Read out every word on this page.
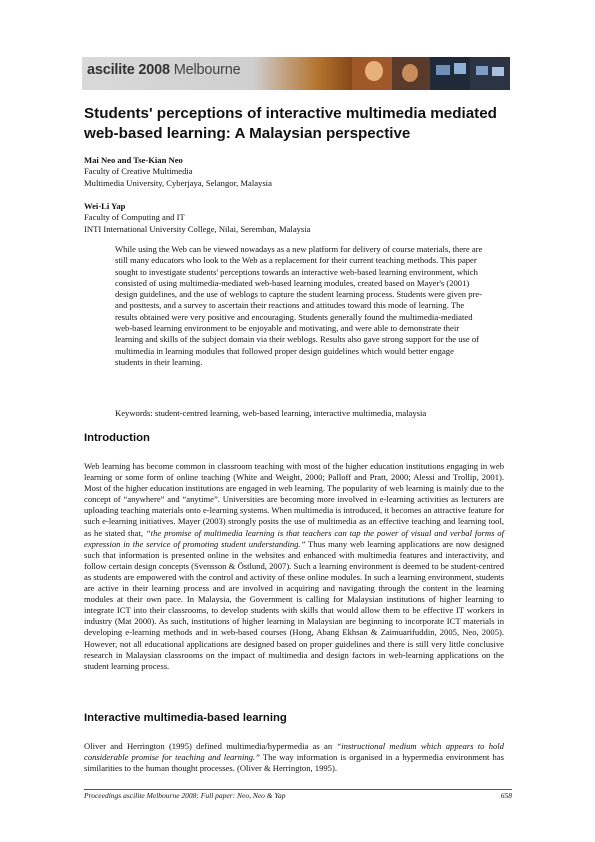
ascilite 2008 Melbourne
Students' perceptions of interactive multimedia mediated web-based learning: A Malaysian perspective
Mai Neo and Tse-Kian Neo
Faculty of Creative Multimedia
Multimedia University, Cyberjaya, Selangor, Malaysia
Wei-Li Yap
Faculty of Computing and IT
INTI International University College, Nilai, Seremban, Malaysia

While using the Web can be viewed nowadays as a new platform for delivery of course materials, there are still many educators who look to the Web as a replacement for their current teaching methods. This paper sought to investigate students' perceptions towards an interactive web-based learning environment, which consisted of using multimedia-mediated web-based learning modules, created based on Mayer's (2001) design guidelines, and the use of weblogs to capture the student learning process. Students were given pre-and posttests, and a survey to ascertain their reactions and attitudes toward this mode of learning. The results obtained were very positive and encouraging. Students generally found the multimedia-mediated web-based learning environment to be enjoyable and motivating, and were able to demonstrate their learning and skills of the subject domain via their weblogs. Results also gave strong support for the use of multimedia in learning modules that followed proper design guidelines which would better engage students in their learning.

Keywords: student-centred learning, web-based learning, interactive multimedia, malaysia
Introduction

Web learning has become common in classroom teaching with most of the higher education institutions engaging in web learning or some form of online teaching (White and Weight, 2000; Palloff and Pratt, 2000; Alessi and Trollip, 2001). Most of the higher education institutions are engaged in web learning. The popularity of web learning is mainly due to the concept of “anywhere” and “anytime”. Universities are becoming more involved in e-learning activities as lecturers are uploading teaching materials onto e-learning systems. When multimedia is introduced, it becomes an attractive feature for such e-learning initiatives. Mayer (2003) strongly posits the use of multimedia as an effective teaching and learning tool, as he stated that, “the promise of multimedia learning is that teachers can tap the power of visual and verbal forms of expression in the service of promoting student understanding.” Thus many web learning applications are now designed such that information is presented online in the websites and enhanced with multimedia features and interactivity, and follow certain design concepts (Svensson & Östlund, 2007). Such a learning environment is deemed to be student-centred as students are empowered with the control and activity of these online modules. In such a learning environment, students are active in their learning process and are involved in acquiring and navigating through the content in the learning modules at their own pace. In Malaysia, the Government is calling for Malaysian institutions of higher learning to integrate ICT into their classrooms, to develop students with skills that would allow them to be effective IT workers in industry (Mat 2000). As such, institutions of higher learning in Malaysian are beginning to incorporate ICT materials in developing e-learning methods and in web-based courses (Hong, Abang Ekhsan & Zaimuarifuddin, 2005, Neo, 2005). However, not all educational applications are designed based on proper guidelines and there is still very little conclusive research in Malaysian classrooms on the impact of multimedia and design factors in web-learning applications on the student learning process.

Interactive multimedia-based learning

Oliver and Herrington (1995) defined multimedia/hypermedia as an “instructional medium which appears to hold considerable promise for teaching and learning.” The way information is organised in a hypermedia environment has similarities to the human thought processes. (Oliver & Herrington, 1995).

Proceedings ascilite Melbourne 2008: Full paper: Neo, Neo & Yap	658
